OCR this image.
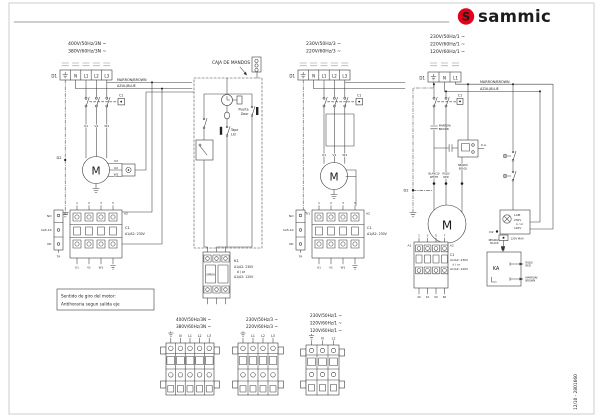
S sammic
12/10 - 2801660
400V/50Hz/3N ~
380V/60Hz/3N ~
D1	N L1 L2 L3
D2
MARRON/BROWN
AZUL/BLUE
C1
U1 V1 W1
M
V2
U2
W2
1	2	3	5
NO
CA5-10
NC
TA
A1	A2
C1
A1/A2: 230V
U1	V1	W1
230V/50Hz/3 ~
220V/60Hz/3 ~
D1	N L1 L2 L3
C1
U1 V1 W1
M
1	2	3	5
NO
CA5-10
NC
TA
A1	A2
C1
A1/A2: 230V
U1	V1	W1
CAJA DE MANDOS
Tapa
Lid
Puerta
Door
OMRON
K1
A1/A2: 230V
ó / or
A1/A2: 120V
230V/50Hz/1 ~
220V/60Hz/1 ~
120V/60Hz/1 ~
D1	N L1
D2
MARRON/BROWN
AZUL/BLUE
C1
MARRON/
BROWN
K.A.
BLANCO/
WHITE
ROJO/
RED
NEGRO/
BLACK
M
LAM
230V
ó / or
120V
D2
120V MAX
NEGRO/
BLACK
KA
ROJO/
RED
MARRON/
BROWN
1 3 5 7
A1	A2
C1
A1/A2: 230V
ó / or
A1/A2: 120V
20 10 50 60
Sentido de giro del motor:
Antihoraria segun salida eje
400V/50Hz/3N ~
380V/60Hz/3N ~
N L1 L2 L3
230V/50Hz/3 ~
220V/60Hz/3 ~
L1 L2 L3
230V/50Hz/1 ~
220V/60Hz/1 ~
120V/60Hz/1 ~
N L1
